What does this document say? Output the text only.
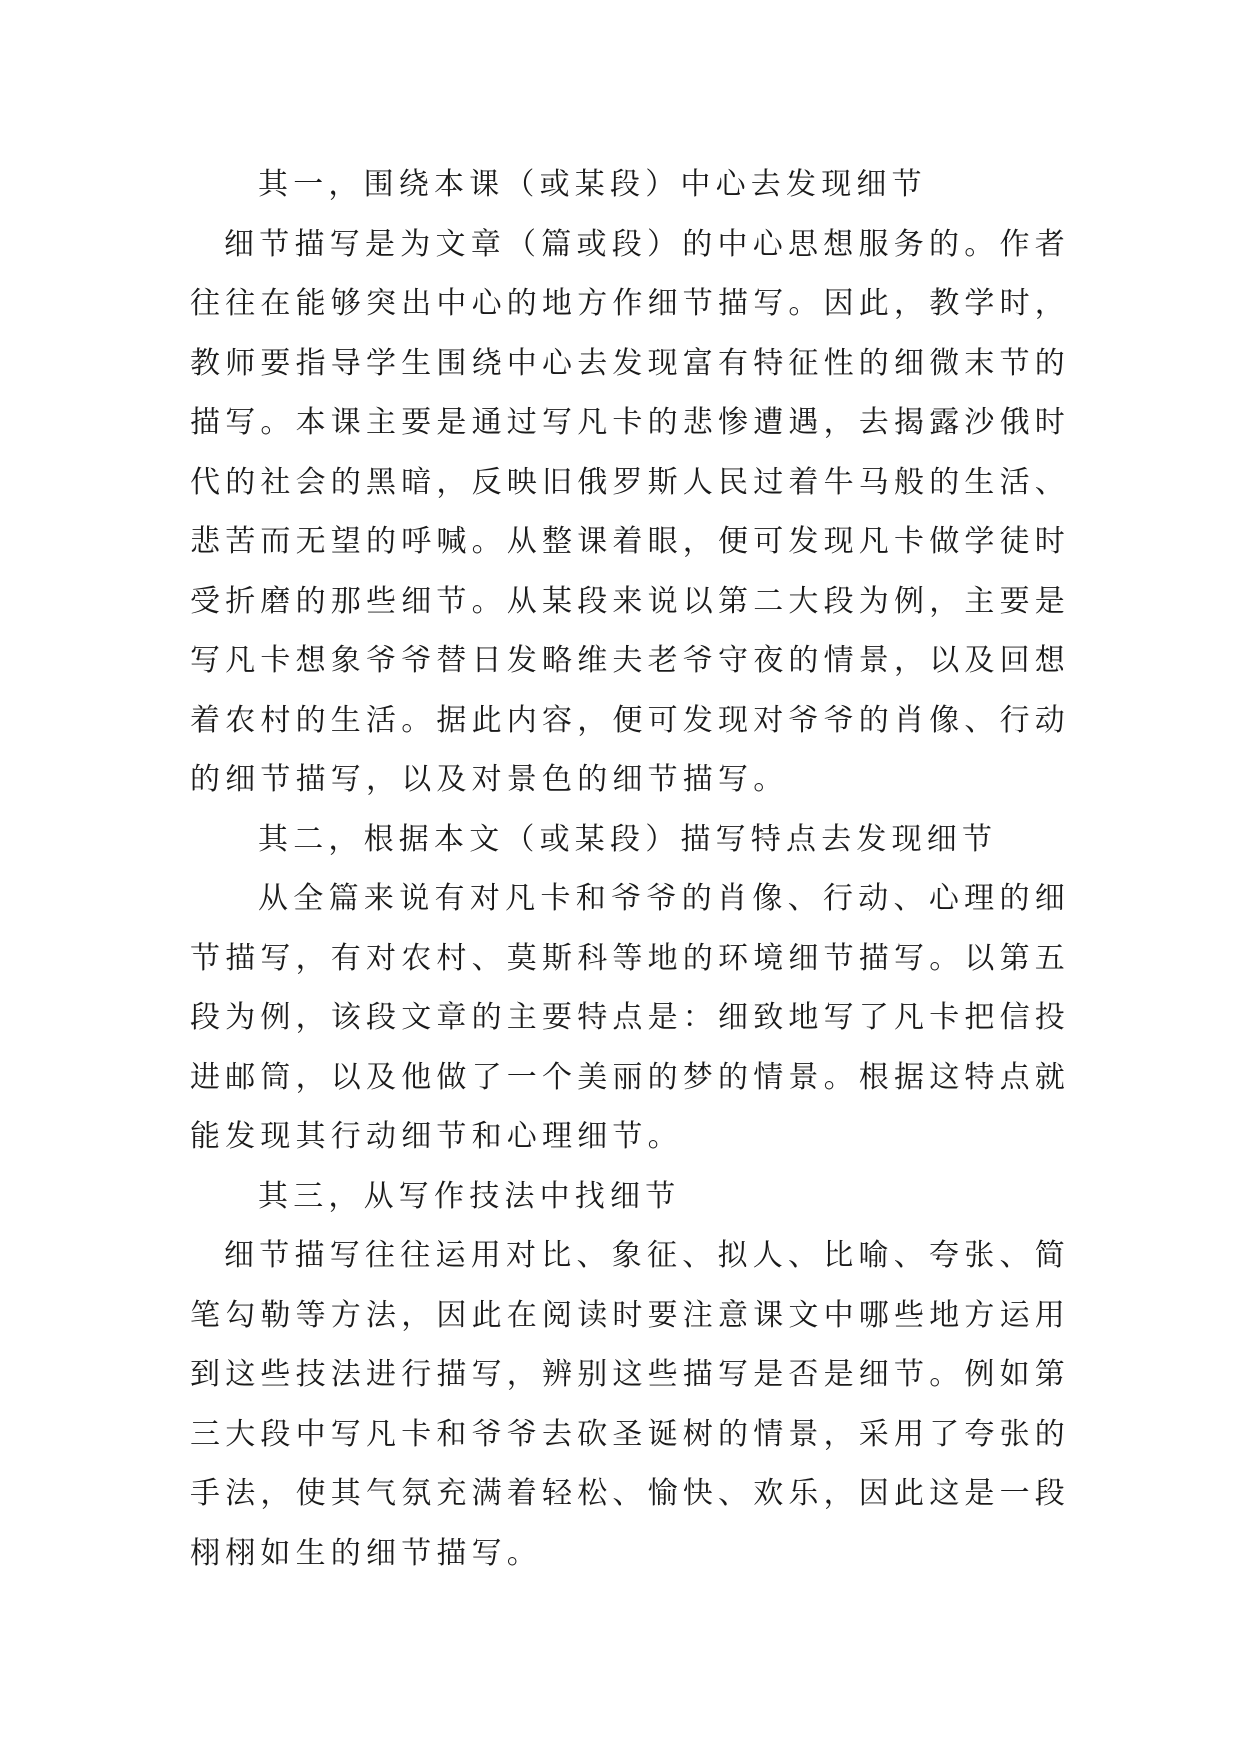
其一，围绕本课（或某段）中心去发现细节

细节描写是为文章（篇或段）的中心思想服务的。作者往往在能够突出中心的地方作细节描写。因此，教学时，教师要指导学生围绕中心去发现富有特征性的细微末节的描写。本课主要是通过写凡卡的悲惨遭遇，去揭露沙俄时代的社会的黑暗，反映旧俄罗斯人民过着牛马般的生活、悲苦而无望的呼喊。从整课着眼，便可发现凡卡做学徒时受折磨的那些细节。从某段来说以第二大段为例，主要是写凡卡想象爷爷替日发略维夫老爷守夜的情景，以及回想着农村的生活。据此内容，便可发现对爷爷的肖像、行动的细节描写，以及对景色的细节描写。

其二，根据本文（或某段）描写特点去发现细节

从全篇来说有对凡卡和爷爷的肖像、行动、心理的细节描写，有对农村、莫斯科等地的环境细节描写。以第五段为例，该段文章的主要特点是：细致地写了凡卡把信投进邮筒，以及他做了一个美丽的梦的情景。根据这特点就能发现其行动细节和心理细节。

其三，从写作技法中找细节

细节描写往往运用对比、象征、拟人、比喻、夸张、简笔勾勒等方法，因此在阅读时要注意课文中哪些地方运用到这些技法进行描写，辨别这些描写是否是细节。例如第三大段中写凡卡和爷爷去砍圣诞树的情景，采用了夸张的手法，使其气氛充满着轻松、愉快、欢乐，因此这是一段栩栩如生的细节描写。
